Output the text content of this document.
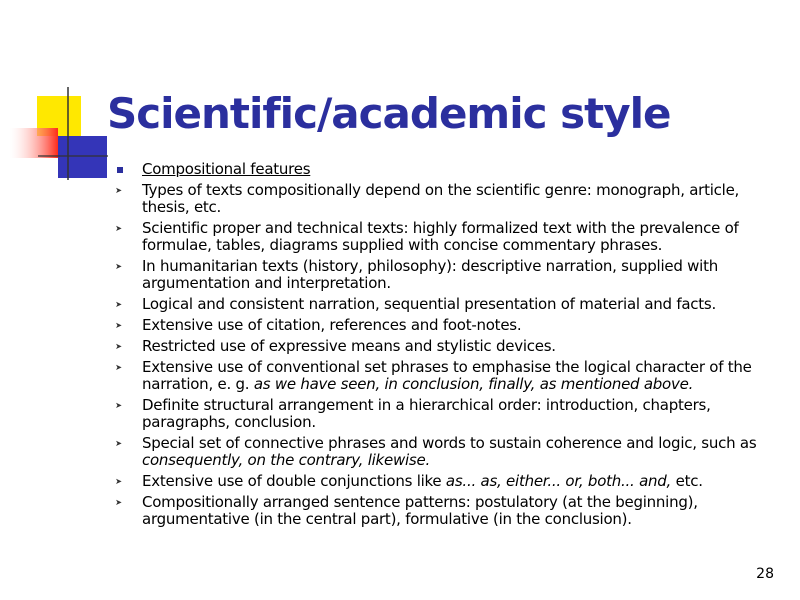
Scientific/academic style
Compositional features
➤ Types of texts compositionally depend on the scientific genre: monograph, article, thesis, etc.
➤ Scientific proper and technical texts: highly formalized text with the prevalence of formulae, tables, diagrams supplied with concise commentary phrases.
➤ In humanitarian texts (history, philosophy): descriptive narration, supplied with argumentation and interpretation.
➤ Logical and consistent narration, sequential presentation of material and facts.
➤ Extensive use of citation, references and foot-notes.
➤ Restricted use of expressive means and stylistic devices.
➤ Extensive use of conventional set phrases to emphasise the logical character of the narration, e. g. as we have seen, in conclusion, finally, as mentioned above.
➤ Definite structural arrangement in a hierarchical order: introduction, chapters, paragraphs, conclusion.
➤ Special set of connective phrases and words to sustain coherence and logic, such as consequently, on the contrary, likewise.
➤ Extensive use of double conjunctions like as... as, either... or, both... and, etc.
➤ Compositionally arranged sentence patterns: postulatory (at the beginning), argumentative (in the central part), formulative (in the conclusion).
28
